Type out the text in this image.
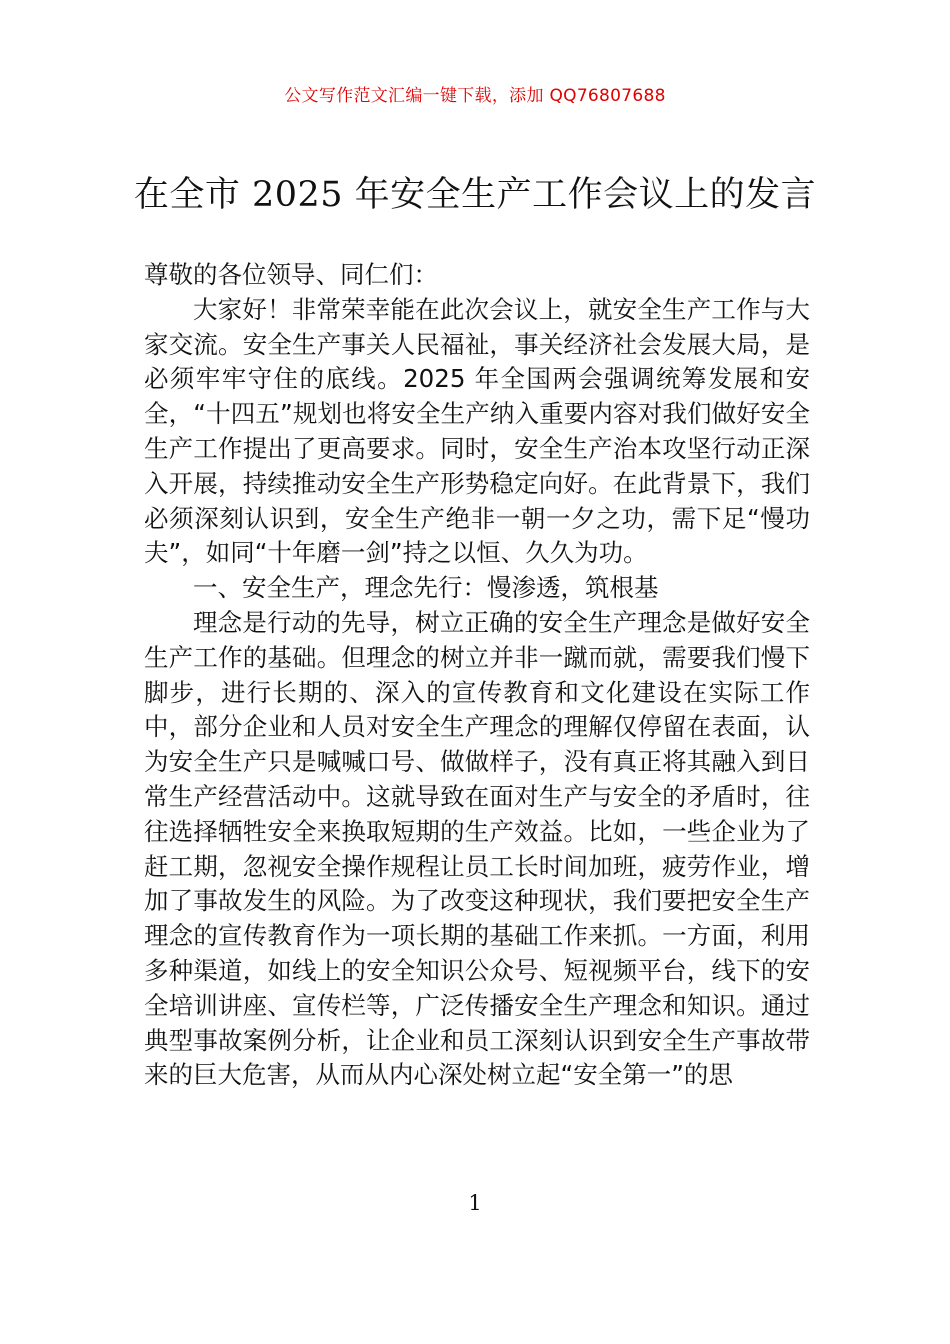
公文写作范文汇编一键下载，添加 QQ76807688
在全市 2025 年安全生产工作会议上的发言

尊敬的各位领导、同仁们：

大家好！非常荣幸能在此次会议上，就安全生产工作与大家交流。安全生产事关人民福祉，事关经济社会发展大局，是必须牢牢守住的底线。2025 年全国两会强调统筹发展和安全，“十四五”规划也将安全生产纳入重要内容对我们做好安全生产工作提出了更高要求。同时，安全生产治本攻坚行动正深入开展，持续推动安全生产形势稳定向好。在此背景下，我们必须深刻认识到，安全生产绝非一朝一夕之功，需下足“慢功夫”，如同“十年磨一剑”持之以恒、久久为功。

一、安全生产，理念先行：慢渗透，筑根基

理念是行动的先导，树立正确的安全生产理念是做好安全生产工作的基础。但理念的树立并非一蹴而就，需要我们慢下脚步，进行长期的、深入的宣传教育和文化建设在实际工作中，部分企业和人员对安全生产理念的理解仅停留在表面，认为安全生产只是喊喊口号、做做样子，没有真正将其融入到日常生产经营活动中。这就导致在面对生产与安全的矛盾时，往往选择牺牲安全来换取短期的生产效益。比如，一些企业为了赶工期，忽视安全操作规程让员工长时间加班，疲劳作业，增加了事故发生的风险。为了改变这种现状，我们要把安全生产理念的宣传教育作为一项长期的基础工作来抓。一方面，利用多种渠道，如线上的安全知识公众号、短视频平台，线下的安全培训讲座、宣传栏等，广泛传播安全生产理念和知识。通过典型事故案例分析，让企业和员工深刻认识到安全生产事故带来的巨大危害，从而从内心深处树立起“安全第一”的思

1
